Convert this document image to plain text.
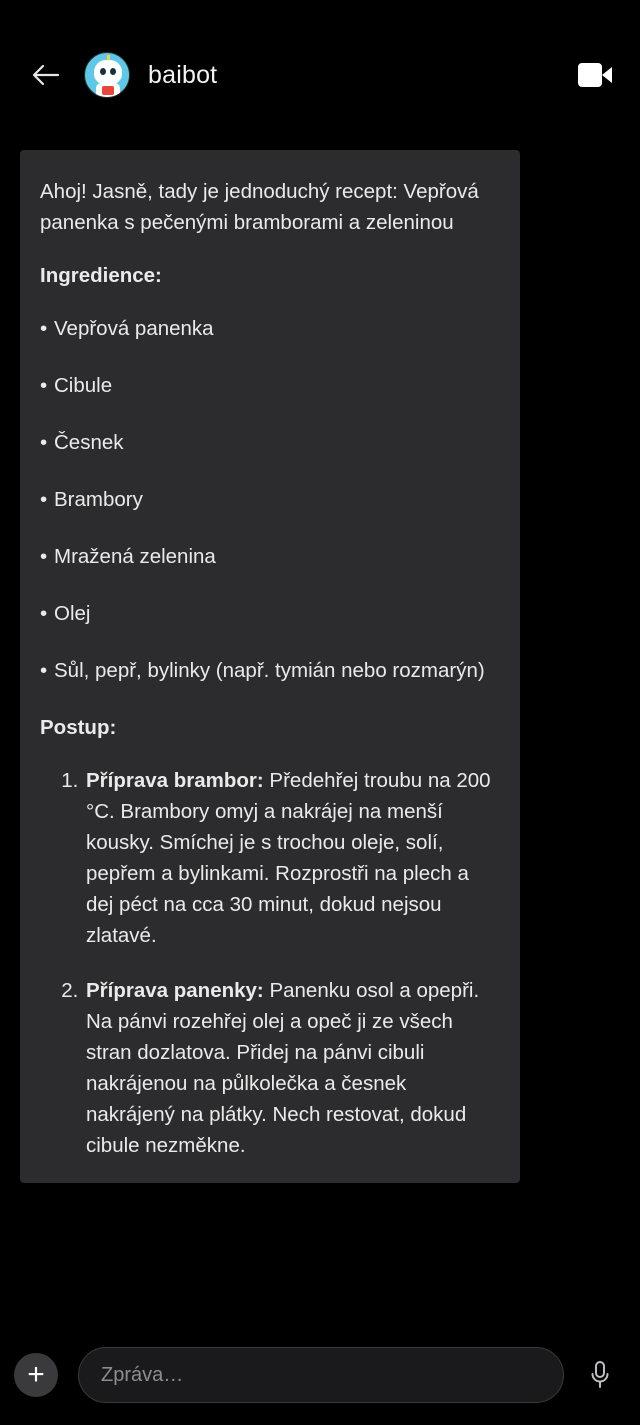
baibot

Ahoj! Jasně, tady je jednoduchý recept: Vepřová panenka s pečenými bramborami a zeleninou

Ingredience:

• Vepřová panenka
• Cibule
• Česnek
• Brambory
• Mražená zelenina
• Olej
• Sůl, pepř, bylinky (např. tymián nebo rozmarýn)

Postup:

1. Příprava brambor: Předehřej troubu na 200 °C. Brambory omyj a nakrájej na menší kousky. Smíchej je s trochou oleje, solí, pepřem a bylinkami. Rozprostři na plech a dej péct na cca 30 minut, dokud nejsou zlatavé.
2. Příprava panenky: Panenku osol a opepři. Na pánvi rozehřej olej a opeč ji ze všech stran dozlatova. Přidej na pánvi cibuli nakrájenou na půlkolečka a česnek nakrájený na plátky. Nech restovat, dokud cibule nezměkne.
+
Zpráva…
